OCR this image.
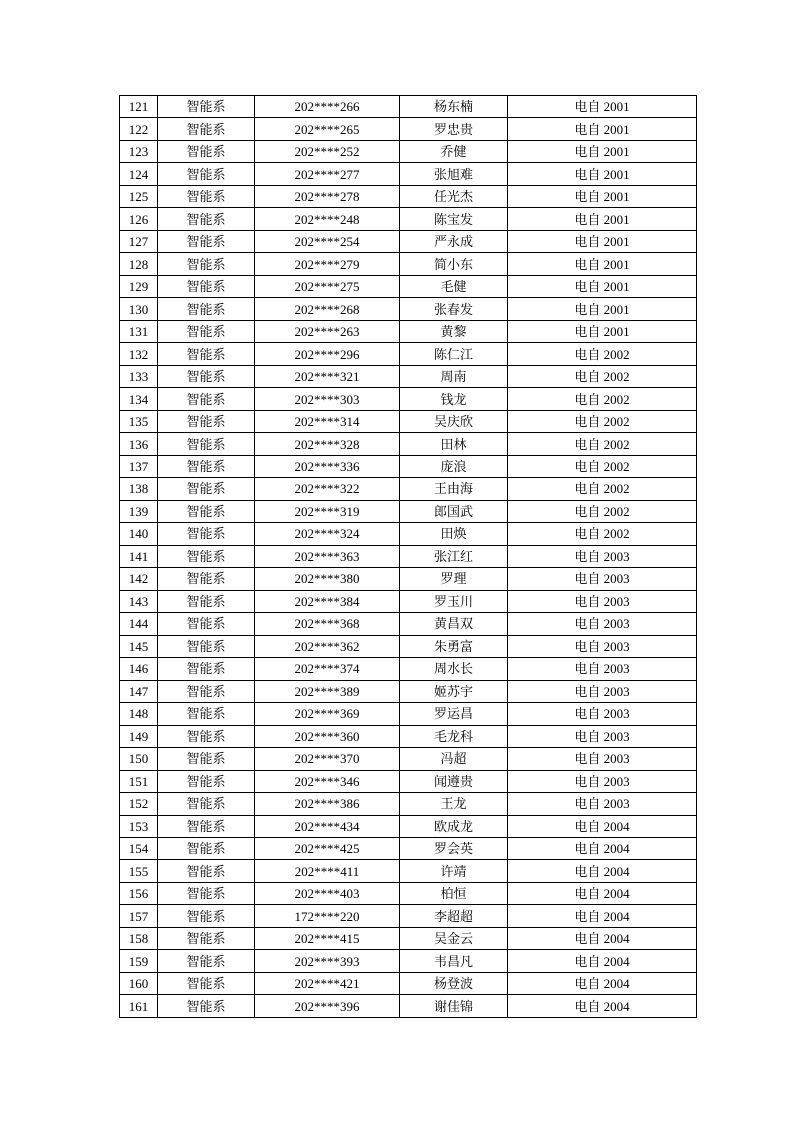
121	智能系	202****266	杨东楠	电自 2001
122	智能系	202****265	罗忠贵	电自 2001
123	智能系	202****252	乔健	电自 2001
124	智能系	202****277	张旭难	电自 2001
125	智能系	202****278	任光杰	电自 2001
126	智能系	202****248	陈宝发	电自 2001
127	智能系	202****254	严永成	电自 2001
128	智能系	202****279	简小东	电自 2001
129	智能系	202****275	毛健	电自 2001
130	智能系	202****268	张春发	电自 2001
131	智能系	202****263	黄黎	电自 2001
132	智能系	202****296	陈仁江	电自 2002
133	智能系	202****321	周南	电自 2002
134	智能系	202****303	钱龙	电自 2002
135	智能系	202****314	吴庆欣	电自 2002
136	智能系	202****328	田林	电自 2002
137	智能系	202****336	庞浪	电自 2002
138	智能系	202****322	王由海	电自 2002
139	智能系	202****319	郎国武	电自 2002
140	智能系	202****324	田焕	电自 2002
141	智能系	202****363	张江红	电自 2003
142	智能系	202****380	罗理	电自 2003
143	智能系	202****384	罗玉川	电自 2003
144	智能系	202****368	黄昌双	电自 2003
145	智能系	202****362	朱勇富	电自 2003
146	智能系	202****374	周水长	电自 2003
147	智能系	202****389	姬苏宇	电自 2003
148	智能系	202****369	罗运昌	电自 2003
149	智能系	202****360	毛龙科	电自 2003
150	智能系	202****370	冯超	电自 2003
151	智能系	202****346	闻遵贵	电自 2003
152	智能系	202****386	王龙	电自 2003
153	智能系	202****434	欧成龙	电自 2004
154	智能系	202****425	罗会英	电自 2004
155	智能系	202****411	许靖	电自 2004
156	智能系	202****403	柏恒	电自 2004
157	智能系	172****220	李超超	电自 2004
158	智能系	202****415	吴金云	电自 2004
159	智能系	202****393	韦昌凡	电自 2004
160	智能系	202****421	杨登波	电自 2004
161	智能系	202****396	谢佳锦	电自 2004
